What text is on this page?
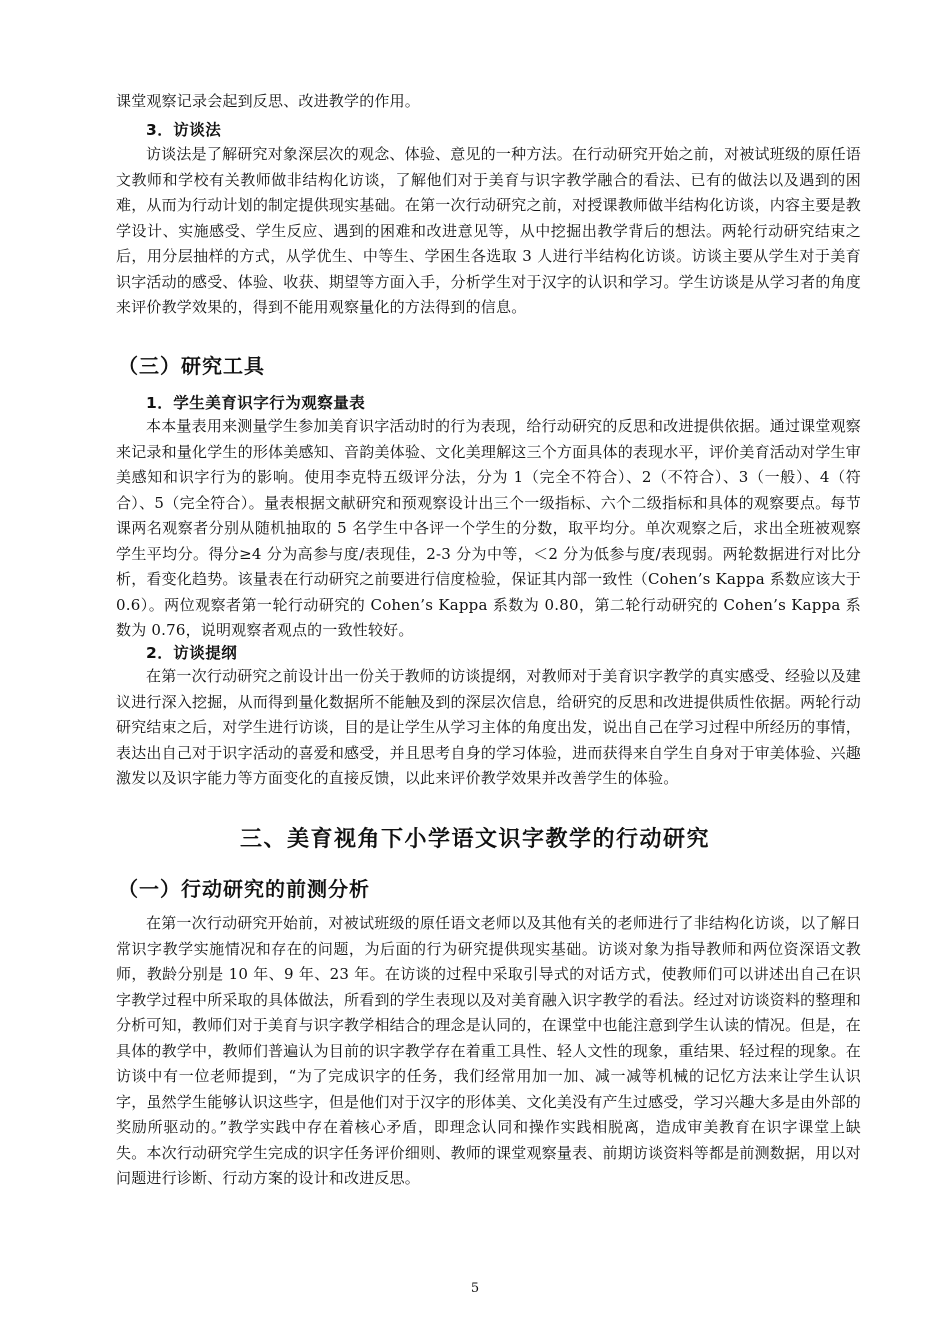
课堂观察记录会起到反思、改进教学的作用。

3．访谈法

访谈法是了解研究对象深层次的观念、体验、意见的一种方法。在行动研究开始之前，对被试班级的原任语文教师和学校有关教师做非结构化访谈，了解他们对于美育与识字教学融合的看法、已有的做法以及遇到的困难，从而为行动计划的制定提供现实基础。在第一次行动研究之前，对授课教师做半结构化访谈，内容主要是教学设计、实施感受、学生反应、遇到的困难和改进意见等，从中挖掘出教学背后的想法。两轮行动研究结束之后，用分层抽样的方式，从学优生、中等生、学困生各选取 3 人进行半结构化访谈。访谈主要从学生对于美育识字活动的感受、体验、收获、期望等方面入手，分析学生对于汉字的认识和学习。学生访谈是从学习者的角度来评价教学效果的，得到不能用观察量化的方法得到的信息。

（三）研究工具
1．学生美育识字行为观察量表

本本量表用来测量学生参加美育识字活动时的行为表现，给行动研究的反思和改进提供依据。通过课堂观察来记录和量化学生的形体美感知、音韵美体验、文化美理解这三个方面具体的表现水平，评价美育活动对学生审美感知和识字行为的影响。使用李克特五级评分法，分为 1（完全不符合）、2（不符合）、3（一般）、4（符合）、5（完全符合）。量表根据文献研究和预观察设计出三个一级指标、六个二级指标和具体的观察要点。每节课两名观察者分别从随机抽取的 5 名学生中各评一个学生的分数，取平均分。单次观察之后，求出全班被观察学生平均分。得分≥4 分为高参与度/表现佳，2-3 分为中等，＜2 分为低参与度/表现弱。两轮数据进行对比分析，看变化趋势。该量表在行动研究之前要进行信度检验，保证其内部一致性（Cohen’s Kappa 系数应该大于 0.6）。两位观察者第一轮行动研究的 Cohen’s Kappa 系数为 0.80，第二轮行动研究的 Cohen’s Kappa 系数为 0.76，说明观察者观点的一致性较好。

2．访谈提纲

在第一次行动研究之前设计出一份关于教师的访谈提纲，对教师对于美育识字教学的真实感受、经验以及建议进行深入挖掘，从而得到量化数据所不能触及到的深层次信息，给研究的反思和改进提供质性依据。两轮行动研究结束之后，对学生进行访谈，目的是让学生从学习主体的角度出发，说出自己在学习过程中所经历的事情，表达出自己对于识字活动的喜爱和感受，并且思考自身的学习体验，进而获得来自学生自身对于审美体验、兴趣激发以及识字能力等方面变化的直接反馈，以此来评价教学效果并改善学生的体验。

三、美育视角下小学语文识字教学的行动研究
（一）行动研究的前测分析

在第一次行动研究开始前，对被试班级的原任语文老师以及其他有关的老师进行了非结构化访谈，以了解日常识字教学实施情况和存在的问题，为后面的行为研究提供现实基础。访谈对象为指导教师和两位资深语文教师，教龄分别是 10 年、9 年、23 年。在访谈的过程中采取引导式的对话方式，使教师们可以讲述出自己在识字教学过程中所采取的具体做法，所看到的学生表现以及对美育融入识字教学的看法。经过对访谈资料的整理和分析可知，教师们对于美育与识字教学相结合的理念是认同的，在课堂中也能注意到学生认读的情况。但是，在具体的教学中，教师们普遍认为目前的识字教学存在着重工具性、轻人文性的现象，重结果、轻过程的现象。在访谈中有一位老师提到，“为了完成识字的任务，我们经常用加一加、减一减等机械的记忆方法来让学生认识字，虽然学生能够认识这些字，但是他们对于汉字的形体美、文化美没有产生过感受，学习兴趣大多是由外部的奖励所驱动的。”教学实践中存在着核心矛盾，即理念认同和操作实践相脱离，造成审美教育在识字课堂上缺失。本次行动研究学生完成的识字任务评价细则、教师的课堂观察量表、前期访谈资料等都是前测数据，用以对问题进行诊断、行动方案的设计和改进反思。

5
